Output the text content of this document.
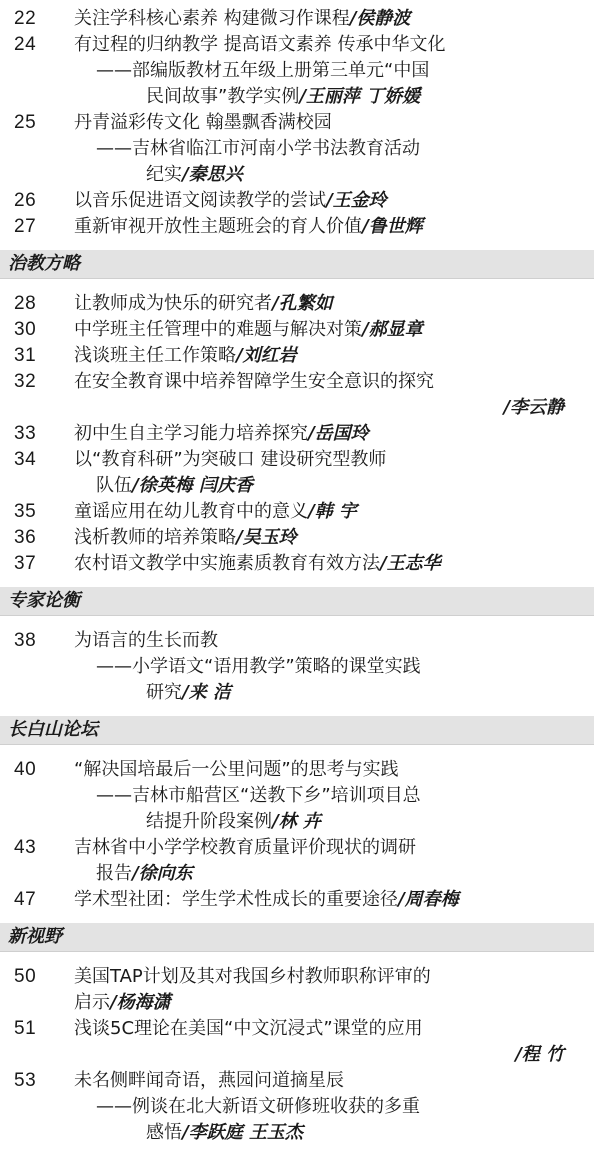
22	关注学科核心素养 构建微习作课程/侯静波
24	有过程的归纳教学 提高语文素养 传承中华文化
——部编版教材五年级上册第三单元“中国
民间故事”教学实例/王丽萍 丁娇媛
25	丹青溢彩传文化 翰墨飘香满校园
——吉林省临江市河南小学书法教育活动
纪实/秦思兴
26	以音乐促进语文阅读教学的尝试/王金玲
27	重新审视开放性主题班会的育人价值/鲁世辉
治教方略
28	让教师成为快乐的研究者/孔繁如
30	中学班主任管理中的难题与解决对策/郝显章
31	浅谈班主任工作策略/刘红岩
32	在安全教育课中培养智障学生安全意识的探究
/李云静
33	初中生自主学习能力培养探究/岳国玲
34	以“教育科研”为突破口 建设研究型教师
队伍/徐英梅 闫庆香
35	童谣应用在幼儿教育中的意义/韩 宇
36	浅析教师的培养策略/吴玉玲
37	农村语文教学中实施素质教育有效方法/王志华
专家论衡
38	为语言的生长而教
——小学语文“语用教学”策略的课堂实践
研究/来 洁
长白山论坛
40	“解决国培最后一公里问题”的思考与实践
——吉林市船营区“送教下乡”培训项目总
结提升阶段案例/林 卉
43	吉林省中小学学校教育质量评价现状的调研
报告/徐向东
47	学术型社团：学生学术性成长的重要途径/周春梅
新视野
50	美国TAP计划及其对我国乡村教师职称评审的
启示/杨海潇
51	浅谈5C理论在美国“中文沉浸式”课堂的应用
/程 竹
53	未名侧畔闻奇语，燕园问道摘星辰
——例谈在北大新语文研修班收获的多重
感悟/李跃庭 王玉杰
